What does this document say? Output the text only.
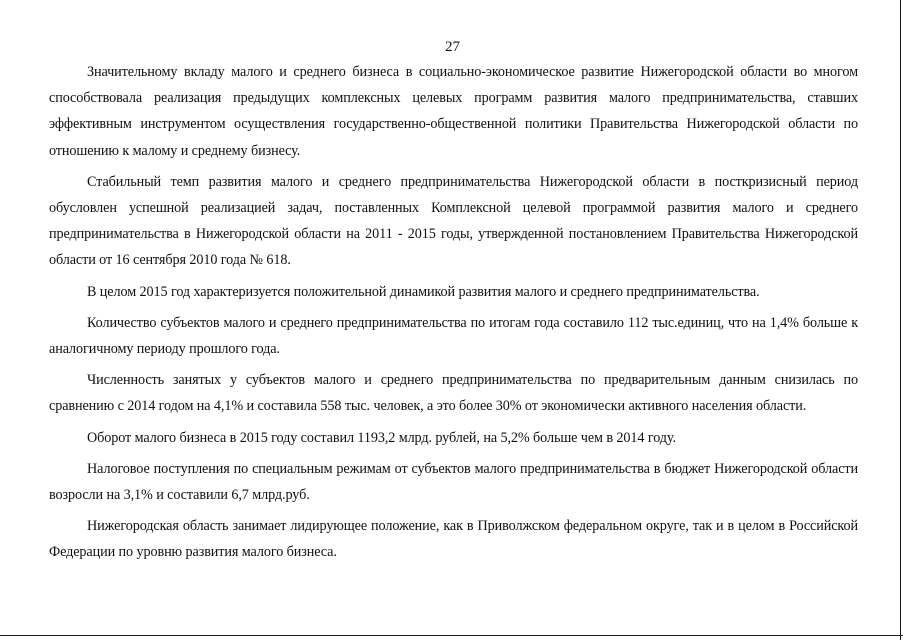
27

Значительному вкладу малого и среднего бизнеса в социально-экономическое развитие Нижегородской области во многом способствовала реализация предыдущих комплексных целевых программ развития малого предпринимательства, ставших эффективным инструментом осуществления государственно-общественной политики Правительства Нижегородской области по отношению к малому и среднему бизнесу.

Стабильный темп развития малого и среднего предпринимательства Нижегородской области в посткризисный период обусловлен успешной реализацией задач, поставленных Комплексной целевой программой развития малого и среднего предпринимательства в Нижегородской области на 2011 - 2015 годы, утвержденной постановлением Правительства Нижегородской области от 16 сентября 2010 года № 618.

В целом 2015 год характеризуется положительной динамикой развития малого и среднего предпринимательства.

Количество субъектов малого и среднего предпринимательства по итогам года составило 112 тыс.единиц, что на 1,4% больше к аналогичному периоду прошлого года.

Численность занятых у субъектов малого и среднего предпринимательства по предварительным данным снизилась по сравнению с 2014 годом на 4,1% и составила 558 тыс. человек, а это более 30% от экономически активного населения области.

Оборот малого бизнеса в 2015 году составил 1193,2 млрд. рублей, на 5,2% больше чем в 2014 году.

Налоговое поступления по специальным режимам от субъектов малого предпринимательства в бюджет Нижегородской области возросли на 3,1% и составили 6,7 млрд.руб.

Нижегородская область занимает лидирующее положение, как в Приволжском федеральном округе, так и в целом в Российской Федерации по уровню развития малого бизнеса.
